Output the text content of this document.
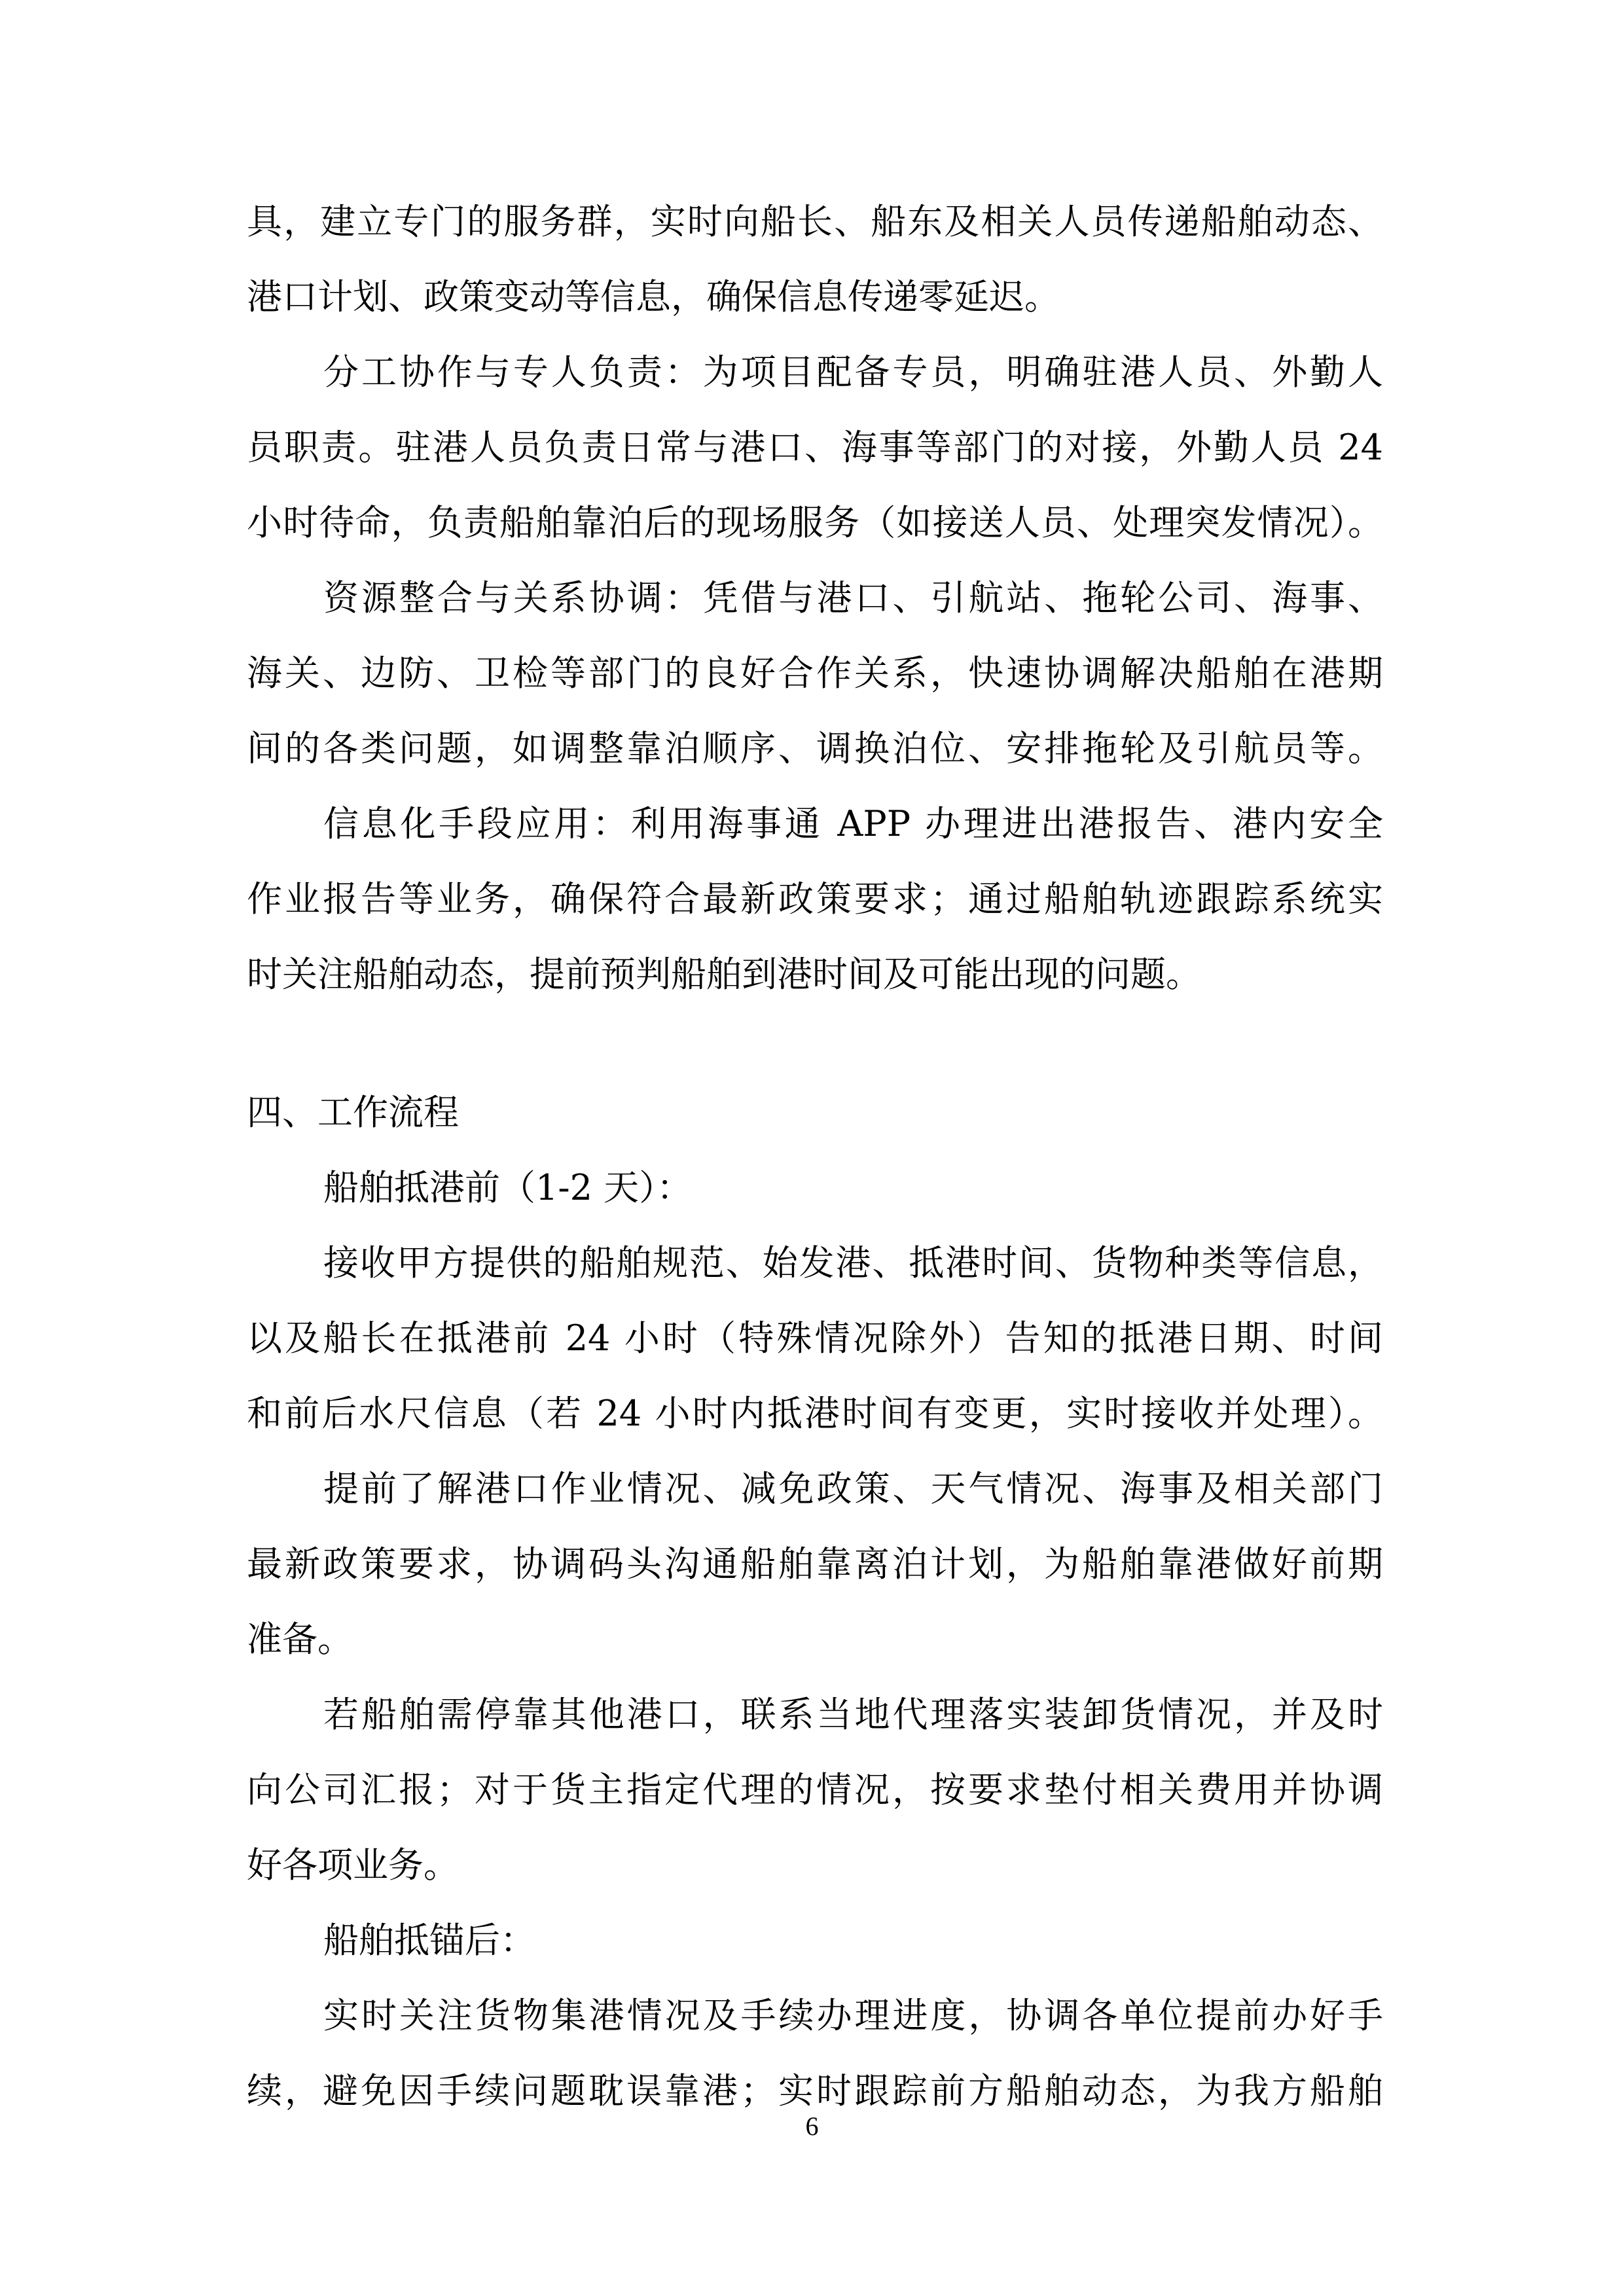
具，建立专门的服务群，实时向船长、船东及相关人员传递船舶动态、
港口计划、政策变动等信息，确保信息传递零延迟。
分工协作与专人负责：为项目配备专员，明确驻港人员、外勤人
员职责。驻港人员负责日常与港口、海事等部门的对接，外勤人员 24
小时待命，负责船舶靠泊后的现场服务（如接送人员、处理突发情况）。
资源整合与关系协调：凭借与港口、引航站、拖轮公司、海事、
海关、边防、卫检等部门的良好合作关系，快速协调解决船舶在港期
间的各类问题，如调整靠泊顺序、调换泊位、安排拖轮及引航员等。
信息化手段应用：利用海事通 APP 办理进出港报告、港内安全
作业报告等业务，确保符合最新政策要求；通过船舶轨迹跟踪系统实
时关注船舶动态，提前预判船舶到港时间及可能出现的问题。
四、工作流程
船舶抵港前（1-2 天）：
接收甲方提供的船舶规范、始发港、抵港时间、货物种类等信息，
以及船长在抵港前 24 小时（特殊情况除外）告知的抵港日期、时间
和前后水尺信息（若 24 小时内抵港时间有变更，实时接收并处理）。
提前了解港口作业情况、减免政策、天气情况、海事及相关部门
最新政策要求，协调码头沟通船舶靠离泊计划，为船舶靠港做好前期
准备。
若船舶需停靠其他港口，联系当地代理落实装卸货情况，并及时
向公司汇报；对于货主指定代理的情况，按要求垫付相关费用并协调
好各项业务。
船舶抵锚后：
实时关注货物集港情况及手续办理进度，协调各单位提前办好手
续，避免因手续问题耽误靠港；实时跟踪前方船舶动态，为我方船舶
6
